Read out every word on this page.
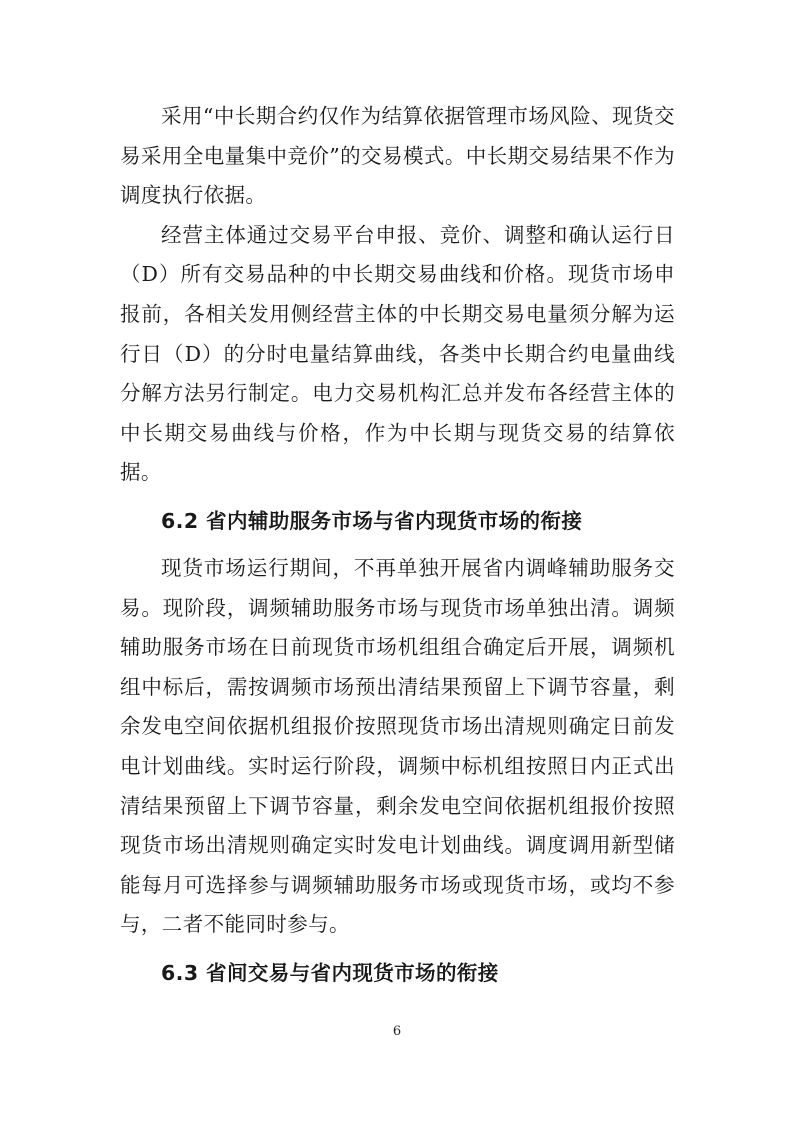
采用“中长期合约仅作为结算依据管理市场风险、现货交易采用全电量集中竞价”的交易模式。中长期交易结果不作为调度执行依据。

经营主体通过交易平台申报、竞价、调整和确认运行日（D）所有交易品种的中长期交易曲线和价格。现货市场申报前，各相关发用侧经营主体的中长期交易电量须分解为运行日（D）的分时电量结算曲线，各类中长期合约电量曲线分解方法另行制定。电力交易机构汇总并发布各经营主体的中长期交易曲线与价格，作为中长期与现货交易的结算依据。

6.2 省内辅助服务市场与省内现货市场的衔接

现货市场运行期间，不再单独开展省内调峰辅助服务交易。现阶段，调频辅助服务市场与现货市场单独出清。调频辅助服务市场在日前现货市场机组组合确定后开展，调频机组中标后，需按调频市场预出清结果预留上下调节容量，剩余发电空间依据机组报价按照现货市场出清规则确定日前发电计划曲线。实时运行阶段，调频中标机组按照日内正式出清结果预留上下调节容量，剩余发电空间依据机组报价按照现货市场出清规则确定实时发电计划曲线。调度调用新型储能每月可选择参与调频辅助服务市场或现货市场，或均不参与，二者不能同时参与。

6.3 省间交易与省内现货市场的衔接
6
